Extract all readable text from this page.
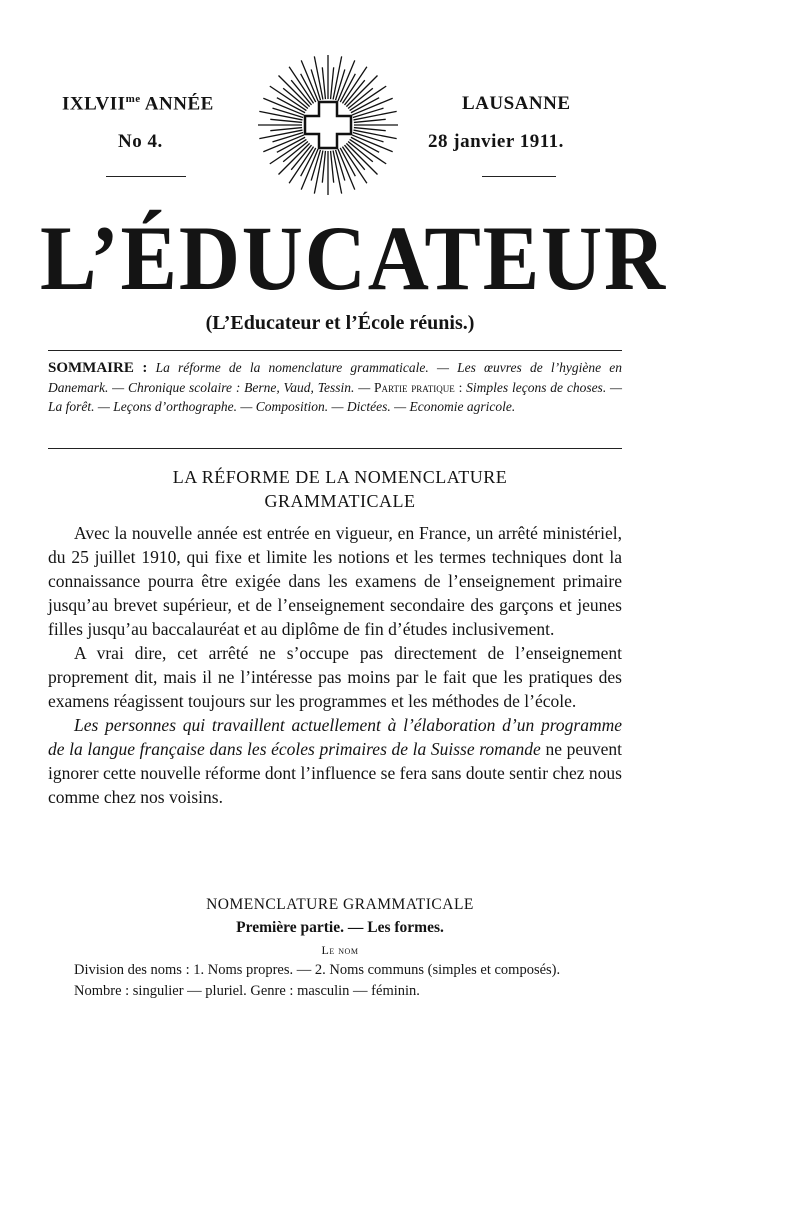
$IXLVII^{me}$ ANNÉE
No 4.
LAUSANNE
28 janvier 1911.
L’ÉDUCATEUR
(L’Educateur et l’École réunis.)
SOMMAIRE : La réforme de la nomenclature grammaticale. — Les œuvres de l’hygiène en Danemark. — Chronique scolaire : Berne, Vaud, Tessin. — Partie pratique : Simples leçons de choses. — La forêt. — Leçons d’orthographe. — Composition. — Dictées. — Economie agricole.
LA RÉFORME DE LA NOMENCLATURE
GRAMMATICALE

Avec la nouvelle année est entrée en vigueur, en France, un arrêté ministériel, du 25 juillet 1910, qui fixe et limite les notions et les termes techniques dont la connaissance pourra être exigée dans les examens de l’enseignement primaire jusqu’au brevet supérieur, et de l’enseignement secondaire des garçons et jeunes filles jusqu’au baccalauréat et au diplôme de fin d’études inclusivement.

A vrai dire, cet arrêté ne s’occupe pas directement de l’enseignement proprement dit, mais il ne l’intéresse pas moins par le fait que les pratiques des examens réagissent toujours sur les programmes et les méthodes de l’école.

Les personnes qui travaillent actuellement à l’élaboration d’un programme de la langue française dans les écoles primaires de la Suisse romande ne peuvent ignorer cette nouvelle réforme dont l’influence se fera sans doute sentir chez nous comme chez nos voisins.

NOMENCLATURE GRAMMATICALE
Première partie. — Les formes.
Le nom

Division des noms : 1. Noms propres. — 2. Noms communs (simples et composés).

Nombre : singulier — pluriel. Genre : masculin — féminin.
